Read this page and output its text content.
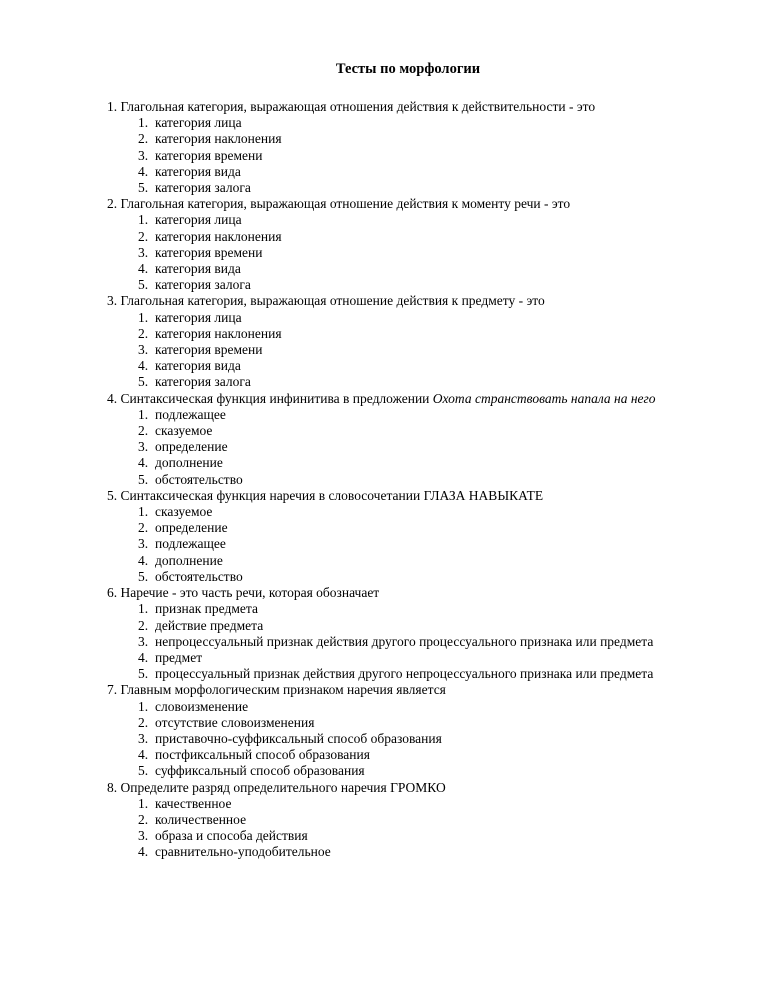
Тесты по морфологии

1. Глагольная категория, выражающая отношения действия к действительности - это

1. категория лица
2. категория наклонения
3. категория времени
4. категория вида
5. категория залога

2. Глагольная категория, выражающая отношение действия к моменту речи - это

1. категория лица
2. категория наклонения
3. категория времени
4. категория вида
5. категория залога

3. Глагольная категория, выражающая отношение действия к предмету - это

1. категория лица
2. категория наклонения
3. категория времени
4. категория вида
5. категория залога

4. Синтаксическая функция инфинитива в предложении Охота странствовать напала на него

1. подлежащее
2. сказуемое
3. определение
4. дополнение
5. обстоятельство

5. Синтаксическая функция наречия в словосочетании ГЛАЗА НАВЫКАТЕ

1. сказуемое
2. определение
3. подлежащее
4. дополнение
5. обстоятельство

6. Наречие - это часть речи, которая обозначает

1. признак предмета
2. действие предмета
3. непроцессуальный признак действия другого процессуального признака или предмета
4. предмет
5. процессуальный признак действия другого непроцессуального признака или предмета

7. Главным морфологическим признаком наречия является

1. словоизменение
2. отсутствие словоизменения
3. приставочно-суффиксальный способ образования
4. постфиксальный способ образования
5. суффиксальный способ образования

8. Определите разряд определительного наречия ГРОМКО

1. качественное
2. количественное
3. образа и способа действия
4. сравнительно-уподобительное
